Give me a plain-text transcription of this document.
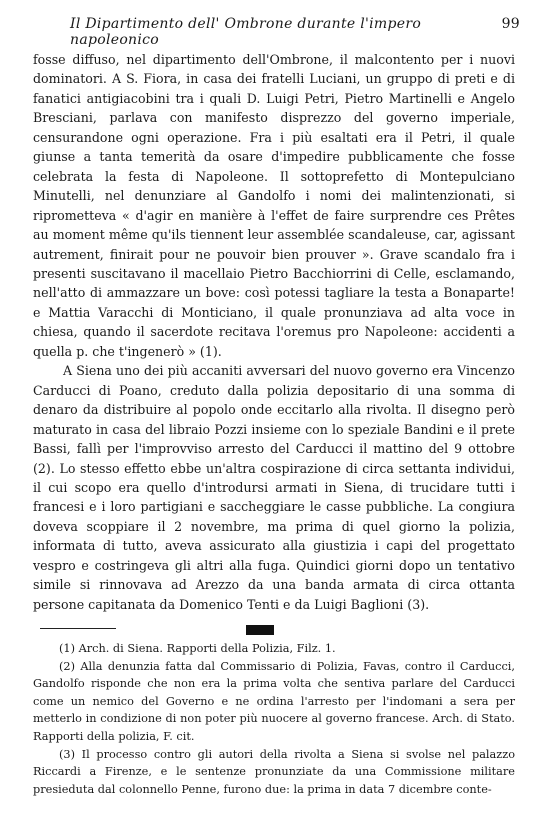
Il Dipartimento dell' Ombrone durante l'impero napoleonico
99

fosse diffuso, nel dipartimento dell'Ombrone, il malcontento per i nuovi dominatori. A S. Fiora, in casa dei fratelli Luciani, un gruppo di preti e di fanatici antigiacobini tra i quali D. Luigi Petri, Pietro Martinelli e Angelo Bresciani, parlava con manifesto disprezzo del governo imperiale, censurandone ogni operazione. Fra i più esaltati era il Petri, il quale giunse a tanta temerità da osare d'impedire pubblicamente che fosse celebrata la festa di Napoleone. Il sottoprefetto di Montepulciano Minutelli, nel denunziare al Gandolfo i nomi dei malintenzionati, si riprometteva « d'agir en manière à l'effet de faire surprendre ces Prêtes au moment même qu'ils tiennent leur assemblée scandaleuse, car, agissant autrement, finirait pour ne pouvoir bien prouver ». Grave scandalo fra i presenti suscitavano il macellaio Pietro Bacchiorrini di Celle, esclamando, nell'atto di ammazzare un bove: così potessi tagliare la testa a Bonaparte! e Mattia Varacchi di Monticiano, il quale pronunziava ad alta voce in chiesa, quando il sacerdote recitava l'oremus pro Napoleone: accidenti a quella p. che t'ingenerò » (1).

A Siena uno dei più accaniti avversari del nuovo governo era Vincenzo Carducci di Poano, creduto dalla polizia depositario di una somma di denaro da distribuire al popolo onde eccitarlo alla rivolta. Il disegno però maturato in casa del libraio Pozzi insieme con lo speziale Bandini e il prete Bassi, fallì per l'improvviso arresto del Carducci il mattino del 9 ottobre (2). Lo stesso effetto ebbe un'altra cospirazione di circa settanta individui, il cui scopo era quello d'introdursi armati in Siena, di trucidare tutti i francesi e i loro partigiani e saccheggiare le casse pubbliche. La congiura doveva scoppiare il 2 novembre, ma prima di quel giorno la polizia, informata di tutto, aveva assicurato alla giustizia i capi del progettato vespro e costringeva gli altri alla fuga. Quindici giorni dopo un tentativo simile si rinnovava ad Arezzo da una banda armata di circa ottanta persone capitanata da Domenico Tenti e da Luigi Baglioni (3).

(1) Arch. di Siena. Rapporti della Polizia, Filz. 1.

(2) Alla denunzia fatta dal Commissario di Polizia, Favas, contro il Carducci, Gandolfo risponde che non era la prima volta che sentiva parlare del Carducci come un nemico del Governo e ne ordina l'arresto per l'indomani a sera per metterlo in condizione di non poter più nuocere al governo francese. Arch. di Stato. Rapporti della polizia, F. cit.

(3) Il processo contro gli autori della rivolta a Siena si svolse nel palazzo Riccardi a Firenze, e le sentenze pronunziate da una Commissione militare presieduta dal colonnello Penne, furono due: la prima in data 7 dicembre conte-
